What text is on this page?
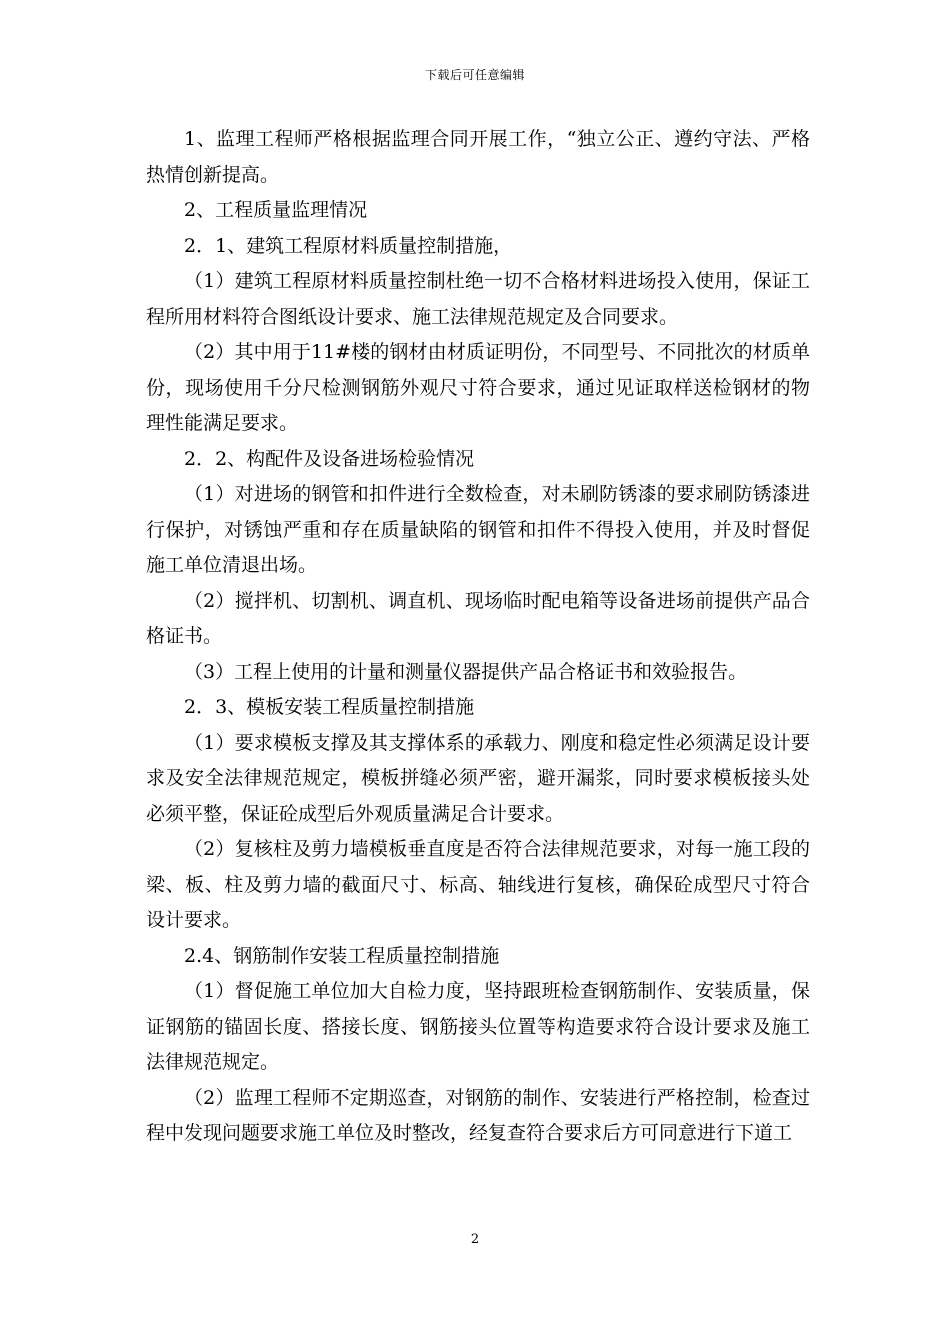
下载后可任意编辑

1、监理工程师严格根据监理合同开展工作，“独立公正、遵约守法、严格热情创新提高。

2、工程质量监理情况

2．1、建筑工程原材料质量控制措施，

（1）建筑工程原材料质量控制杜绝一切不合格材料进场投入使用，保证工程所用材料符合图纸设计要求、施工法律规范规定及合同要求。

（2）其中用于11#楼的钢材由材质证明份，不同型号、不同批次的材质单份，现场使用千分尺检测钢筋外观尺寸符合要求，通过见证取样送检钢材的物理性能满足要求。

2．2、构配件及设备进场检验情况

（1）对进场的钢管和扣件进行全数检查，对未刷防锈漆的要求刷防锈漆进行保护，对锈蚀严重和存在质量缺陷的钢管和扣件不得投入使用，并及时督促施工单位清退出场。

（2）搅拌机、切割机、调直机、现场临时配电箱等设备进场前提供产品合格证书。

（3）工程上使用的计量和测量仪器提供产品合格证书和效验报告。

2．3、模板安装工程质量控制措施

（1）要求模板支撑及其支撑体系的承载力、刚度和稳定性必须满足设计要求及安全法律规范规定，模板拼缝必须严密，避开漏浆，同时要求模板接头处必须平整，保证砼成型后外观质量满足合计要求。

（2）复核柱及剪力墙模板垂直度是否符合法律规范要求，对每一施工段的梁、板、柱及剪力墙的截面尺寸、标高、轴线进行复核，确保砼成型尺寸符合设计要求。

2.4、钢筋制作安装工程质量控制措施

（1）督促施工单位加大自检力度，坚持跟班检查钢筋制作、安装质量，保证钢筋的锚固长度、搭接长度、钢筋接头位置等构造要求符合设计要求及施工法律规范规定。

（2）监理工程师不定期巡查，对钢筋的制作、安装进行严格控制，检查过程中发现问题要求施工单位及时整改，经复查符合要求后方可同意进行下道工

2
